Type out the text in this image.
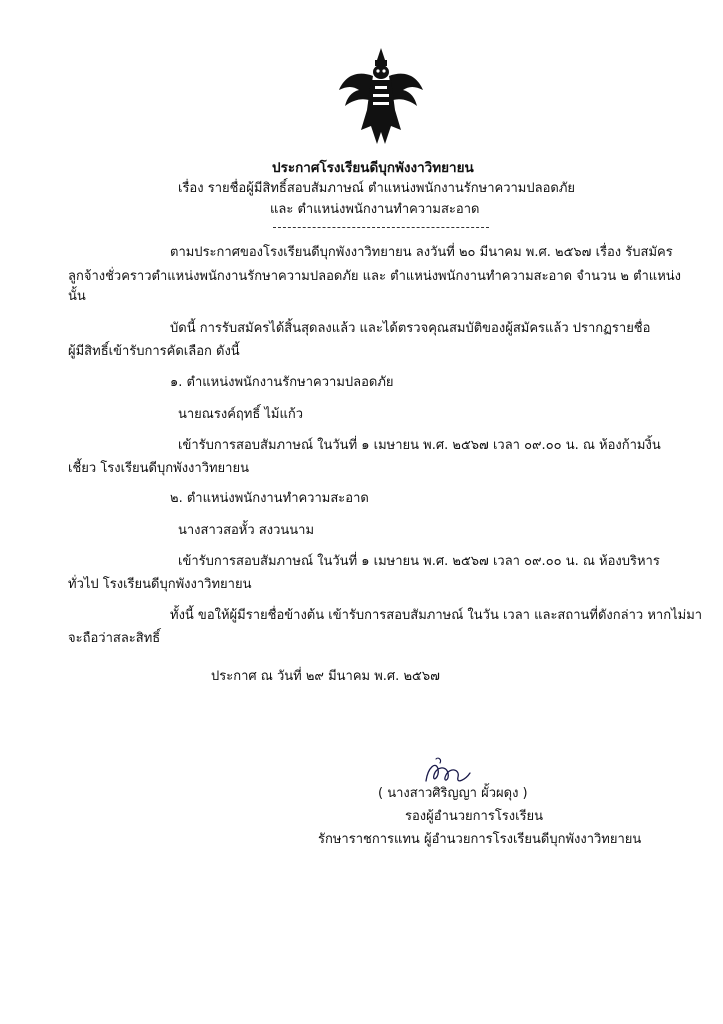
ประกาศโรงเรียนดีบุกพังงาวิทยายน
เรื่อง รายชื่อผู้มีสิทธิ์สอบสัมภาษณ์ ตำแหน่งพนักงานรักษาความปลอดภัย
และ ตำแหน่งพนักงานทำความสะอาด
ตามประกาศของโรงเรียนดีบุกพังงาวิทยายน ลงวันที่ ๒๐ มีนาคม พ.ศ. ๒๕๖๗ เรื่อง รับสมัคร
ลูกจ้างชั่วคราวตำแหน่งพนักงานรักษาความปลอดภัย และ ตำแหน่งพนักงานทำความสะอาด จำนวน ๒ ตำแหน่ง
นั้น
บัดนี้ การรับสมัครได้สิ้นสุดลงแล้ว และได้ตรวจคุณสมบัติของผู้สมัครแล้ว ปรากฏรายชื่อ
ผู้มีสิทธิ์เข้ารับการคัดเลือก ดังนี้
๑. ตำแหน่งพนักงานรักษาความปลอดภัย
นายณรงค์ฤทธิ์ ไม้แก้ว
เข้ารับการสอบสัมภาษณ์ ในวันที่ ๑ เมษายน พ.ศ. ๒๕๖๗ เวลา ๐๙.๐๐ น. ณ ห้องก้ามงิ้น
เชี้ยว โรงเรียนดีบุกพังงาวิทยายน
๒. ตำแหน่งพนักงานทำความสะอาด
นางสาวสอหั้ว สงวนนาม
เข้ารับการสอบสัมภาษณ์ ในวันที่ ๑ เมษายน พ.ศ. ๒๕๖๗ เวลา ๐๙.๐๐ น. ณ ห้องบริหาร
ทั่วไป โรงเรียนดีบุกพังงาวิทยายน
ทั้งนี้ ขอให้ผู้มีรายชื่อข้างต้น เข้ารับการสอบสัมภาษณ์ ในวัน เวลา และสถานที่ดังกล่าว หากไม่มา
จะถือว่าสละสิทธิ์
ประกาศ ณ วันที่ ๒๙ มีนาคม พ.ศ. ๒๕๖๗
( นางสาวศิริญญา ผั้วผดุง )
รองผู้อำนวยการโรงเรียน
รักษาราชการแทน ผู้อำนวยการโรงเรียนดีบุกพังงาวิทยายน
